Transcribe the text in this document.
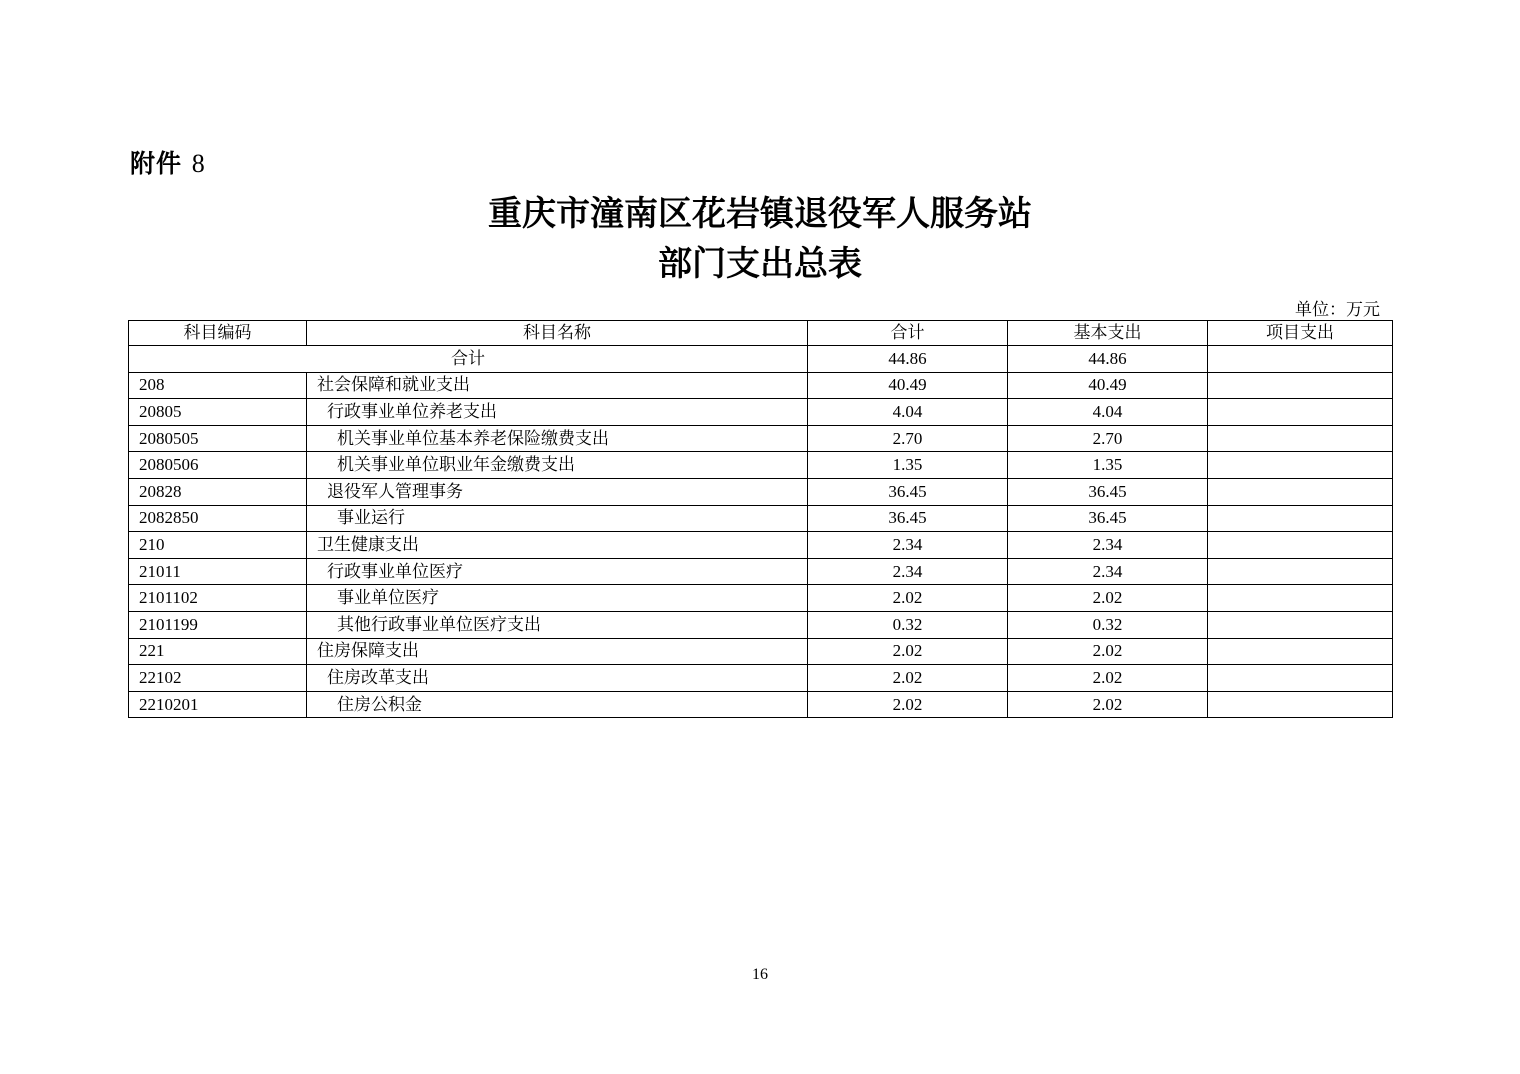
附件 8
重庆市潼南区花岩镇退役军人服务站
部门支出总表
单位：万元
科目编码	科目名称	合计	基本支出	项目支出
合计		44.86	44.86	
208	社会保障和就业支出	40.49	40.49	
20805	行政事业单位养老支出	4.04	4.04	
2080505	机关事业单位基本养老保险缴费支出	2.70	2.70	
2080506	机关事业单位职业年金缴费支出	1.35	1.35	
20828	退役军人管理事务	36.45	36.45	
2082850	事业运行	36.45	36.45	
210	卫生健康支出	2.34	2.34	
21011	行政事业单位医疗	2.34	2.34	
2101102	事业单位医疗	2.02	2.02	
2101199	其他行政事业单位医疗支出	0.32	0.32	
221	住房保障支出	2.02	2.02	
22102	住房改革支出	2.02	2.02	
2210201	住房公积金	2.02	2.02	
16
